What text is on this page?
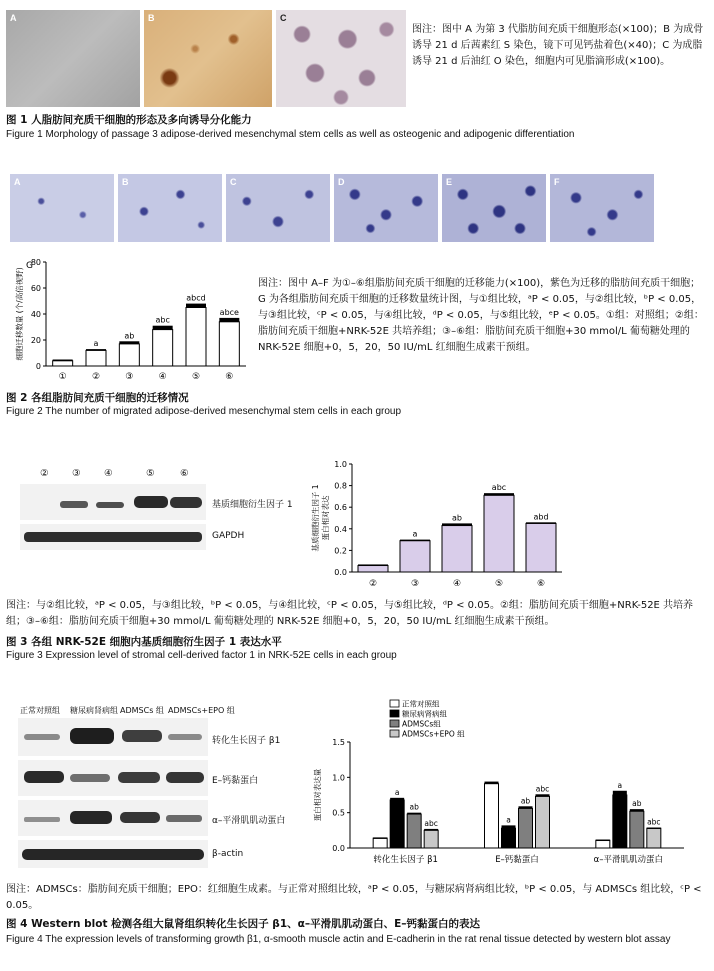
A	B	C
图注：图中 A 为第 3 代脂肪间充质干细胞形态(×100)；B 为成骨诱导 21 d 后茜素红 S 染色，镜下可见钙盐着色(×40)；C 为成脂诱导 21 d 后油红 O 染色，细胞内可见脂滴形成(×100)。
图 1 人脂肪间充质干细胞的形态及多向诱导分化能力
Figure 1 Morphology of passage 3 adipose-derived mesenchymal stem cells as well as osteogenic and adipogenic differentiation
A	B	C	D	E	F
G
0
20
40
60
80
细胞迁移数量 (个/高倍视野)
①
a
②
ab
③
abc
④
abcd
⑤
abce
⑥
图注：图中 A–F 为①–⑥组脂肪间充质干细胞的迁移能力(×100)，紫色为迁移的脂肪间充质干细胞；G 为各组脂肪间充质干细胞的迁移数量统计图，与①组比较，ᵃP < 0.05，与②组比较，ᵇP < 0.05，与③组比较，ᶜP < 0.05，与④组比较，ᵈP < 0.05，与⑤组比较，ᵉP < 0.05。①组：对照组；②组：脂肪间充质干细胞+NRK-52E 共培养组；③–⑥组：脂肪间充质干细胞+30 mmol/L 葡萄糖处理的 NRK-52E 细胞+0，5，20，50 IU/mL 红细胞生成素干预组。
图 2 各组脂肪间充质干细胞的迁移情况
Figure 2 The number of migrated adipose-derived mesenchymal stem cells in each group
② ③ ④	⑤	⑥
基质细胞衍生因子 1
GAPDH
0.0
0.2
0.4
0.6
0.8
1.0
基质细胞衍生因子 1 蛋白相对表达
②
a
③
ab
④
abc
⑤
abd
⑥
图注：与②组比较，ᵃP < 0.05，与③组比较，ᵇP < 0.05，与④组比较，ᶜP < 0.05，与⑤组比较，ᵈP < 0.05。②组：脂肪间充质干细胞+NRK-52E 共培养组；③–⑥组：脂肪间充质干细胞+30 mmol/L 葡萄糖处理的 NRK-52E 细胞+0，5，20，50 IU/mL 红细胞生成素干预组。
图 3 各组 NRK-52E 细胞内基质细胞衍生因子 1 表达水平
Figure 3 Expression level of stromal cell-derived factor 1 in NRK-52E cells in each group
正常对照组 糖尿病肾病组 ADMSCs 组 ADMSCs+EPO 组
转化生长因子 β1
E–钙黏蛋白
α–平滑肌肌动蛋白
β-actin
正常对照组
糖尿病肾病组
ADMSCs组
ADMSCs+EPO 组
0.0
0.5
1.0
1.5
蛋白相对表达量	a
ab
abc
转化生长因子 β1
a
ab
abc
E–钙黏蛋白
a
ab
abc
α–平滑肌肌动蛋白
图注：ADMSCs：脂肪间充质干细胞；EPO：红细胞生成素。与正常对照组比较，ᵃP < 0.05，与糖尿病肾病组比较，ᵇP < 0.05，与 ADMSCs 组比较，ᶜP < 0.05。
图 4 Western blot 检测各组大鼠肾组织转化生长因子 β1、α–平滑肌肌动蛋白、E–钙黏蛋白的表达
Figure 4 The expression levels of transforming growth β1, α-smooth muscle actin and E-cadherin in the rat renal tissue detected by western blot assay
